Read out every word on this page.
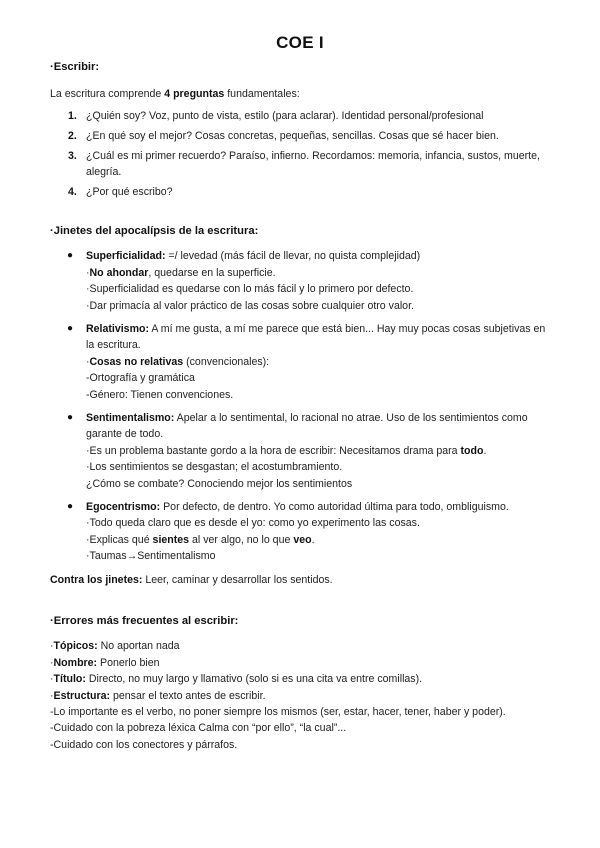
COE I

·Escribir:

La escritura comprende 4 preguntas fundamentales:

1. ¿Quién soy? Voz, punto de vista, estilo (para aclarar). Identidad personal/profesional
2. ¿En qué soy el mejor? Cosas concretas, pequeñas, sencillas. Cosas que sé hacer bien.
3. ¿Cuál es mi primer recuerdo? Paraíso, infierno. Recordamos: memoria, infancia, sustos, muerte, alegría.
4. ¿Por qué escribo?

·Jinetes del apocalípsis de la escritura:

● Superficialidad: =/ levedad (más fácil de llevar, no quista complejidad)
·No ahondar, quedarse en la superficie.
·Superficialidad es quedarse con lo más fácil y lo primero por defecto.
·Dar primacía al valor práctico de las cosas sobre cualquier otro valor.
● Relativismo: A mí me gusta, a mí me parece que está bien... Hay muy pocas cosas subjetivas en la escritura.
·Cosas no relativas (convencionales):
-Ortografía y gramática
-Género: Tienen convenciones.
● Sentimentalismo: Apelar a lo sentimental, lo racional no atrae. Uso de los sentimientos como garante de todo.
·Es un problema bastante gordo a la hora de escribir: Necesitamos drama para todo.
·Los sentimientos se desgastan; el acostumbramiento.
¿Cómo se combate? Conociendo mejor los sentimientos
● Egocentrismo: Por defecto, de dentro. Yo como autoridad última para todo, ombliguismo.
·Todo queda claro que es desde el yo: como yo experimento las cosas.
·Explicas qué sientes al ver algo, no lo que veo.
·Taumas→Sentimentalismo

Contra los jinetes: Leer, caminar y desarrollar los sentidos.

·Errores más frecuentes al escribir:

·Tópicos: No aportan nada

·Nombre: Ponerlo bien

·Título: Directo, no muy largo y llamativo (solo si es una cita va entre comillas).

·Estructura: pensar el texto antes de escribir.

-Lo importante es el verbo, no poner siempre los mismos (ser, estar, hacer, tener, haber y poder).

-Cuidado con la pobreza léxica Calma con “por ello”, “la cual”...

-Cuidado con los conectores y párrafos.
